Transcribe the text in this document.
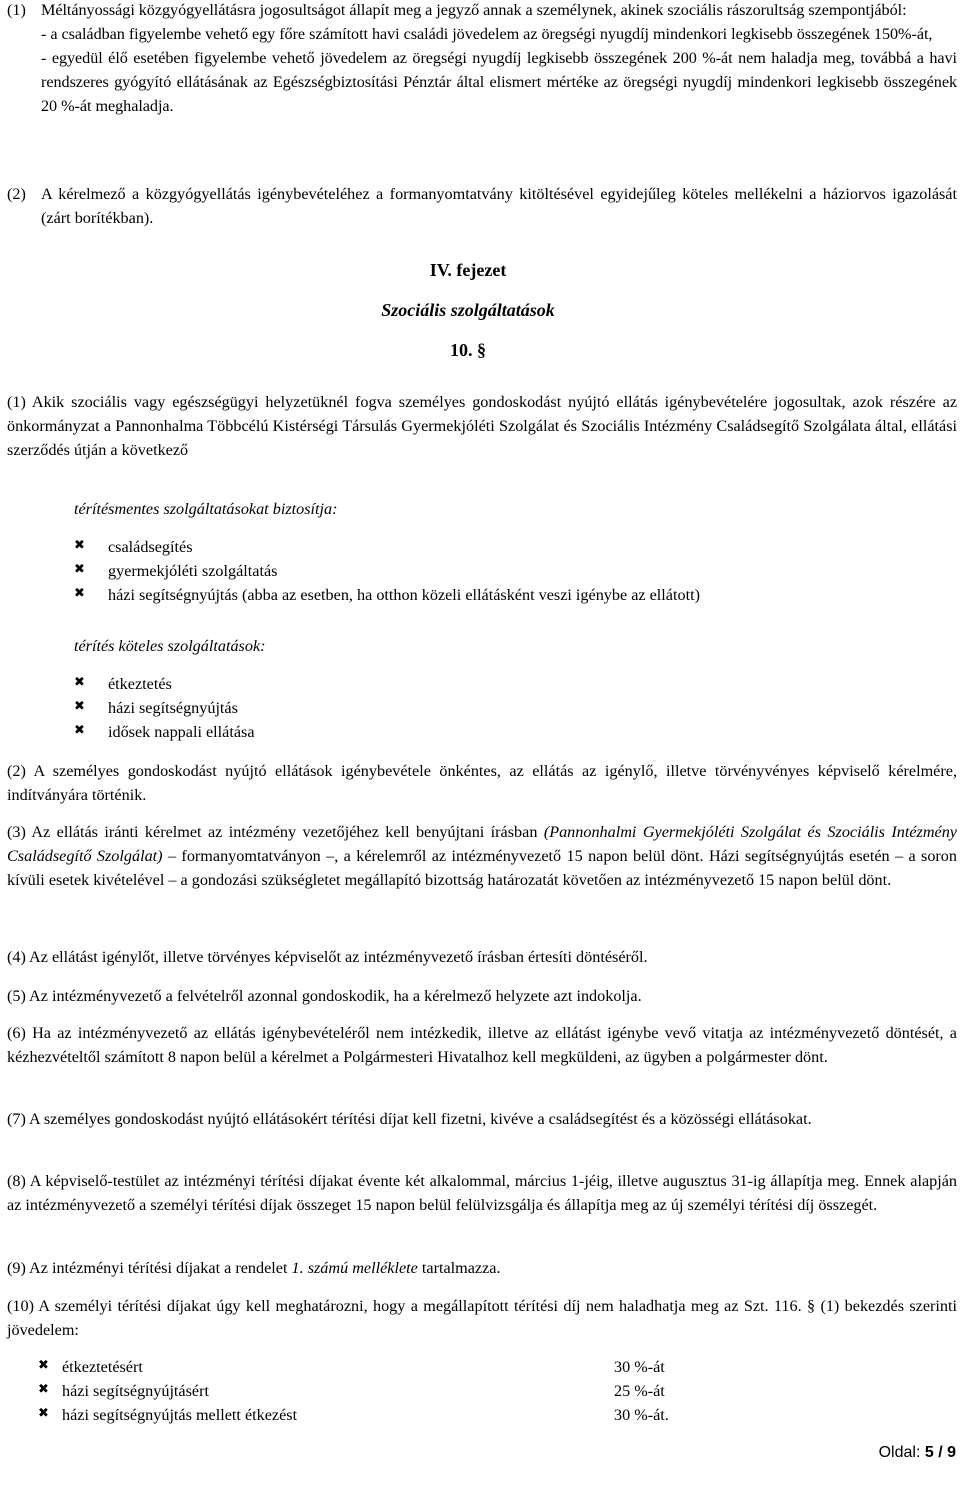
(1) Méltányossági közgyógyellátásra jogosultságot állapít meg a jegyző annak a személynek, akinek szociális rászorultság szempontjából:

- a családban figyelembe vehető egy főre számított havi családi jövedelem az öregségi nyugdíj mindenkori legkisebb összegének 150%-át,

- egyedül élő esetében figyelembe vehető jövedelem az öregségi nyugdíj legkisebb összegének 200 %-át nem haladja meg, továbbá a havi rendszeres gyógyító ellátásának az Egészségbiztosítási Pénztár által elismert mértéke az öregségi nyugdíj mindenkori legkisebb összegének 20 %-át meghaladja.

(2) A kérelmező a közgyógyellátás igénybevételéhez a formanyomtatvány kitöltésével egyidejűleg köteles mellékelni a háziorvos igazolását (zárt borítékban).

IV. fejezet
Szociális szolgáltatások
10. §

(1) Akik szociális vagy egészségügyi helyzetüknél fogva személyes gondoskodást nyújtó ellátás igénybevételére jogosultak, azok részére az önkormányzat a Pannonhalma Többcélú Kistérségi Társulás Gyermekjóléti Szolgálat és Szociális Intézmény Családsegítő Szolgálata által, ellátási szerződés útján a következő

térítésmentes szolgáltatásokat biztosítja:
✖	családsegítés
✖	gyermekjóléti szolgáltatás
✖	házi segítségnyújtás (abba az esetben, ha otthon közeli ellátásként veszi igénybe az ellátott)
térítés köteles szolgáltatások:
✖	étkeztetés
✖	házi segítségnyújtás
✖	idősek nappali ellátása

(2) A személyes gondoskodást nyújtó ellátások igénybevétele önkéntes, az ellátás az igénylő, illetve törvényvényes képviselő kérelmére, indítványára történik.

(3) Az ellátás iránti kérelmet az intézmény vezetőjéhez kell benyújtani írásban (Pannonhalmi Gyermekjóléti Szolgálat és Szociális Intézmény Családsegítő Szolgálat) – formanyomtatványon –, a kérelemről az intézményvezető 15 napon belül dönt. Házi segítségnyújtás esetén – a soron kívüli esetek kivételével – a gondozási szükségletet megállapító bizottság határozatát követően az intézményvezető 15 napon belül dönt.

(4) Az ellátást igénylőt, illetve törvényes képviselőt az intézményvezető írásban értesíti döntéséről.

(5) Az intézményvezető a felvételről azonnal gondoskodik, ha a kérelmező helyzete azt indokolja.

(6) Ha az intézményvezető az ellátás igénybevételéről nem intézkedik, illetve az ellátást igénybe vevő vitatja az intézményvezető döntését, a kézhezvételtől számított 8 napon belül a kérelmet a Polgármesteri Hivatalhoz kell megküldeni, az ügyben a polgármester dönt.

(7) A személyes gondoskodást nyújtó ellátásokért térítési díjat kell fizetni, kivéve a családsegítést és a közösségi ellátásokat.

(8) A képviselő-testület az intézményi térítési díjakat évente két alkalommal, március 1-jéig, illetve augusztus 31-ig állapítja meg. Ennek alapján az intézményvezető a személyi térítési díjak összeget 15 napon belül felülvizsgálja és állapítja meg az új személyi térítési díj összegét.

(9) Az intézményi térítési díjakat a rendelet 1. számú melléklete tartalmazza.

(10) A személyi térítési díjakat úgy kell meghatározni, hogy a megállapított térítési díj nem haladhatja meg az Szt. 116. § (1) bekezdés szerinti jövedelem:

✖ étkeztetésért	30 %-át
✖ házi segítségnyújtásért	25 %-át
✖ házi segítségnyújtás mellett étkezést	30 %-át.
Oldal: 5 / 9
